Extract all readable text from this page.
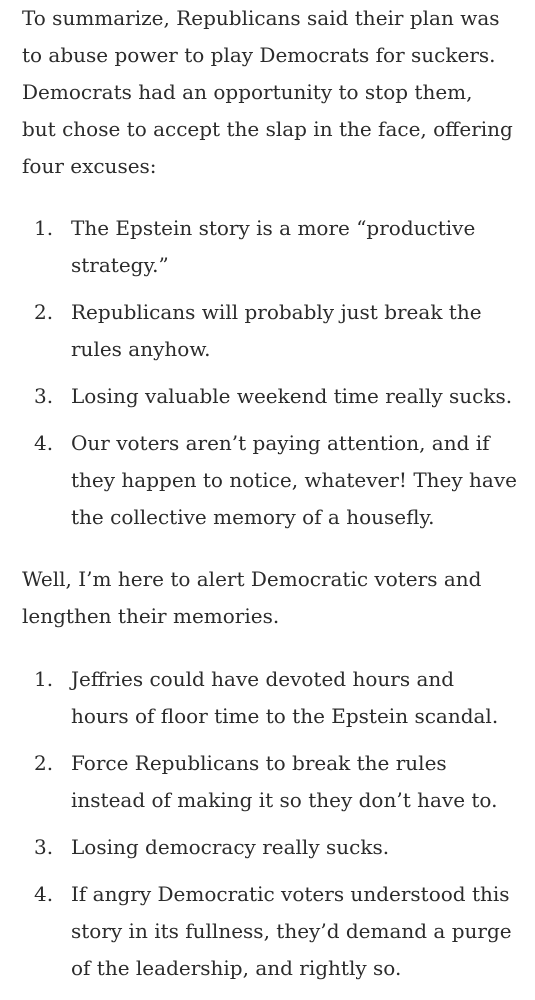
To summarize, Republicans said their plan was
to abuse power to play Democrats for suckers.
Democrats had an opportunity to stop them,
but chose to accept the slap in the face, offering
four excuses:

1. The Epstein story is a more “productive
strategy.”
2. Republicans will probably just break the
rules anyhow.
3. Losing valuable weekend time really sucks.
4. Our voters aren’t paying attention, and if
they happen to notice, whatever! They have
the collective memory of a housefly.

Well, I’m here to alert Democratic voters and
lengthen their memories.

1. Jeffries could have devoted hours and
hours of floor time to the Epstein scandal.
2. Force Republicans to break the rules
instead of making it so they don’t have to.
3. Losing democracy really sucks.
4. If angry Democratic voters understood this
story in its fullness, they’d demand a purge
of the leadership, and rightly so.
